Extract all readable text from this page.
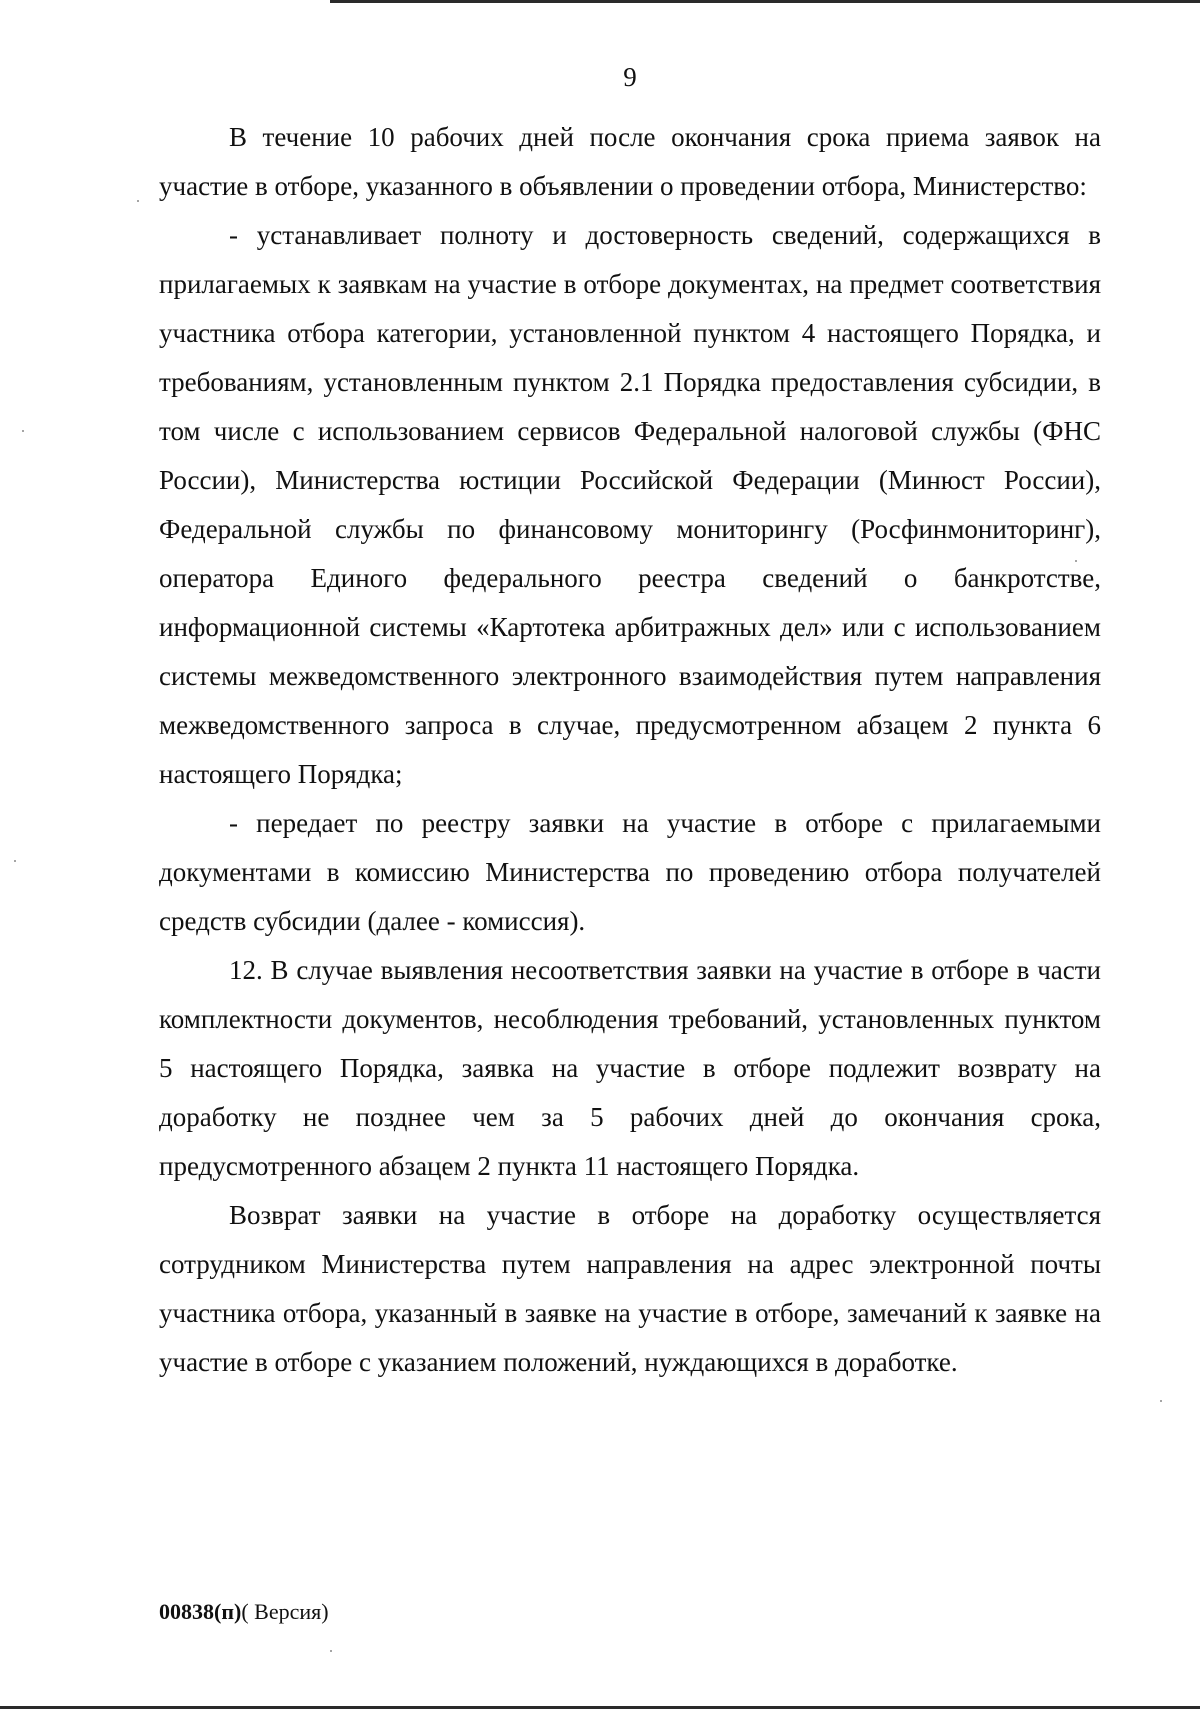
9

В течение 10 рабочих дней после окончания срока приема заявок на участие в отборе, указанного в объявлении о проведении отбора, Министерство:

- устанавливает полноту и достоверность сведений, содержащихся в прилагаемых к заявкам на участие в отборе документах, на предмет соответствия участника отбора категории, установленной пунктом 4 настоящего Порядка, и требованиям, установленным пунктом 2.1 Порядка предоставления субсидии, в том числе с использованием сервисов Федеральной налоговой службы (ФНС России), Министерства юстиции Российской Федерации (Минюст России), Федеральной службы по финансовому мониторингу (Росфинмониторинг), оператора Единого федерального реестра сведений о банкротстве, информационной системы «Картотека арбитражных дел» или с использованием системы межведомственного электронного взаимодействия путем направления межведомственного запроса в случае, предусмотренном абзацем 2 пункта 6 настоящего Порядка;

- передает по реестру заявки на участие в отборе с прилагаемыми документами в комиссию Министерства по проведению отбора получателей средств субсидии (далее - комиссия).

12. В случае выявления несоответствия заявки на участие в отборе в части комплектности документов, несоблюдения требований, установленных пунктом 5 настоящего Порядка, заявка на участие в отборе подлежит возврату на доработку не позднее чем за 5 рабочих дней до окончания срока, предусмотренного абзацем 2 пункта 11 настоящего Порядка.

Возврат заявки на участие в отборе на доработку осуществляется сотрудником Министерства путем направления на адрес электронной почты участника отбора, указанный в заявке на участие в отборе, замечаний к заявке на участие в отборе с указанием положений, нуждающихся в доработке.

00838(п)( Версия)
